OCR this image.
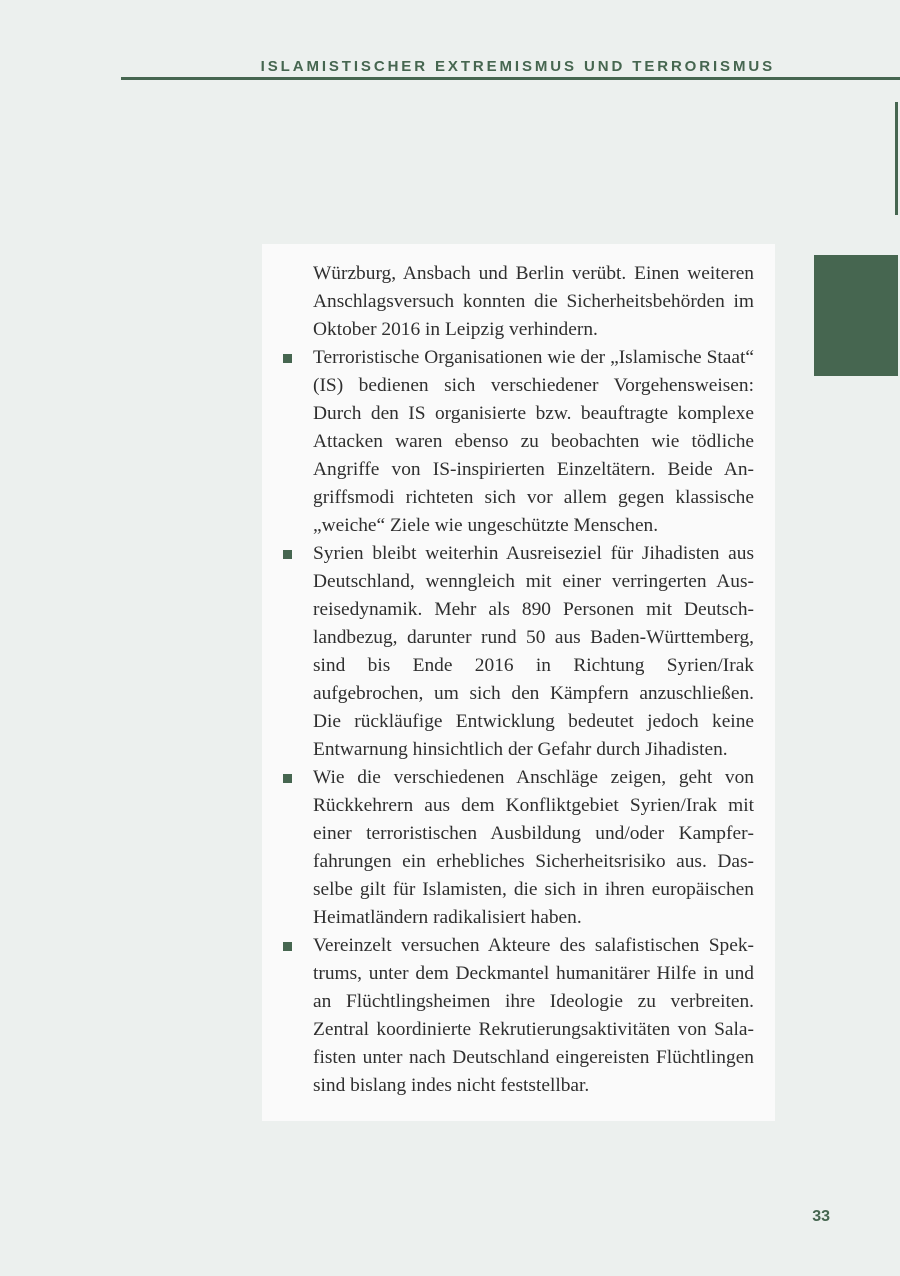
ISLAMISTISCHER EXTREMISMUS UND TERRORISMUS

Würzburg, Ansbach und Berlin verübt. Einen weiteren Anschlagsversuch konnten die Sicherheitsbehörden im Oktober 2016 in Leipzig verhindern.

Terroristische Organisationen wie der „Islamische Staat“ (IS) bedienen sich verschiedener Vorgehensweisen: Durch den IS organisierte bzw. beauftragte komplexe Attacken waren ebenso zu beobachten wie tödliche Angriffe von IS-inspirierten Einzeltätern. Beide Angriffsmodi richteten sich vor allem gegen klassische „weiche“ Ziele wie ungeschützte Menschen.

Syrien bleibt weiterhin Ausreiseziel für Jihadisten aus Deutschland, wenngleich mit einer verringerten Ausreisedynamik. Mehr als 890 Personen mit Deutschlandbezug, darunter rund 50 aus Baden-Württemberg, sind bis Ende 2016 in Richtung Syrien/Irak aufgebrochen, um sich den Kämpfern anzuschließen. Die rückläufige Entwicklung bedeutet jedoch keine Entwarnung hinsichtlich der Gefahr durch Jihadisten.

Wie die verschiedenen Anschläge zeigen, geht von Rückkehrern aus dem Konfliktgebiet Syrien/Irak mit einer terroristischen Ausbildung und/oder Kampferfahrungen ein erhebliches Sicherheitsrisiko aus. Dasselbe gilt für Islamisten, die sich in ihren europäischen Heimatländern radikalisiert haben.

Vereinzelt versuchen Akteure des salafistischen Spektrums, unter dem Deckmantel humanitärer Hilfe in und an Flüchtlingsheimen ihre Ideologie zu verbreiten. Zentral koordinierte Rekrutierungsaktivitäten von Salafisten unter nach Deutschland eingereisten Flüchtlingen sind bislang indes nicht feststellbar.

33
